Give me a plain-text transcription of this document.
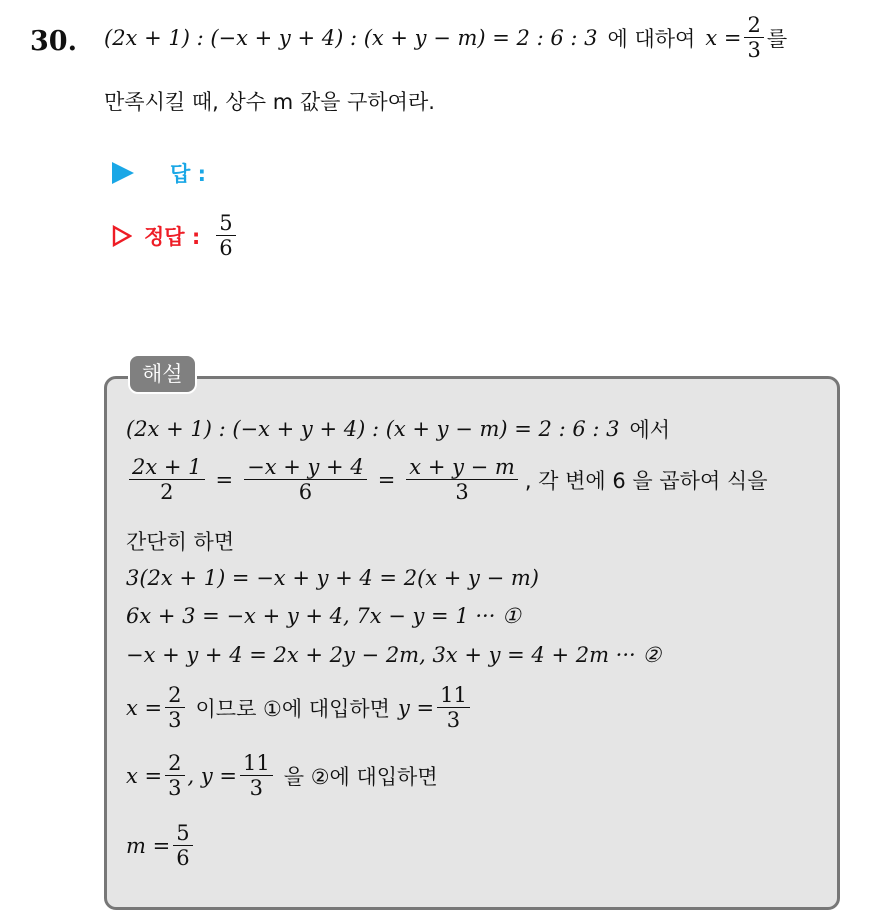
30. (2x + 1) : (−x + y + 4) : (x + y − m) = 2 : 6 : 3 에 대하여 $x = \frac{2}{3}$ 를
만족시킬 때, 상수 m 값을 구하여라.
답 :
정답 : $\frac{5}{6}$
해설
(2x + 1) : (−x + y + 4) : (x + y − m) = 2 : 6 : 3 에서
$\frac{2x + 1}{2} = \frac{-x + y + 4}{6} = \frac{x + y - m}{3}$ , 각 변에 6 을 곱하여 식을
간단히 하면
3(2x + 1) = −x + y + 4 = 2(x + y − m)
6x + 3 = −x + y + 4, 7x − y = 1 ··· ①
−x + y + 4 = 2x + 2y − 2m, 3x + y = 4 + 2m ··· ②
$x = \frac{2}{3}$ 이므로 ①에 대입하면 $y = \frac{11}{3}$
$x = \frac{2}{3}$ , $y = \frac{11}{3}$ 을 ②에 대입하면
$m = \frac{5}{6}$
